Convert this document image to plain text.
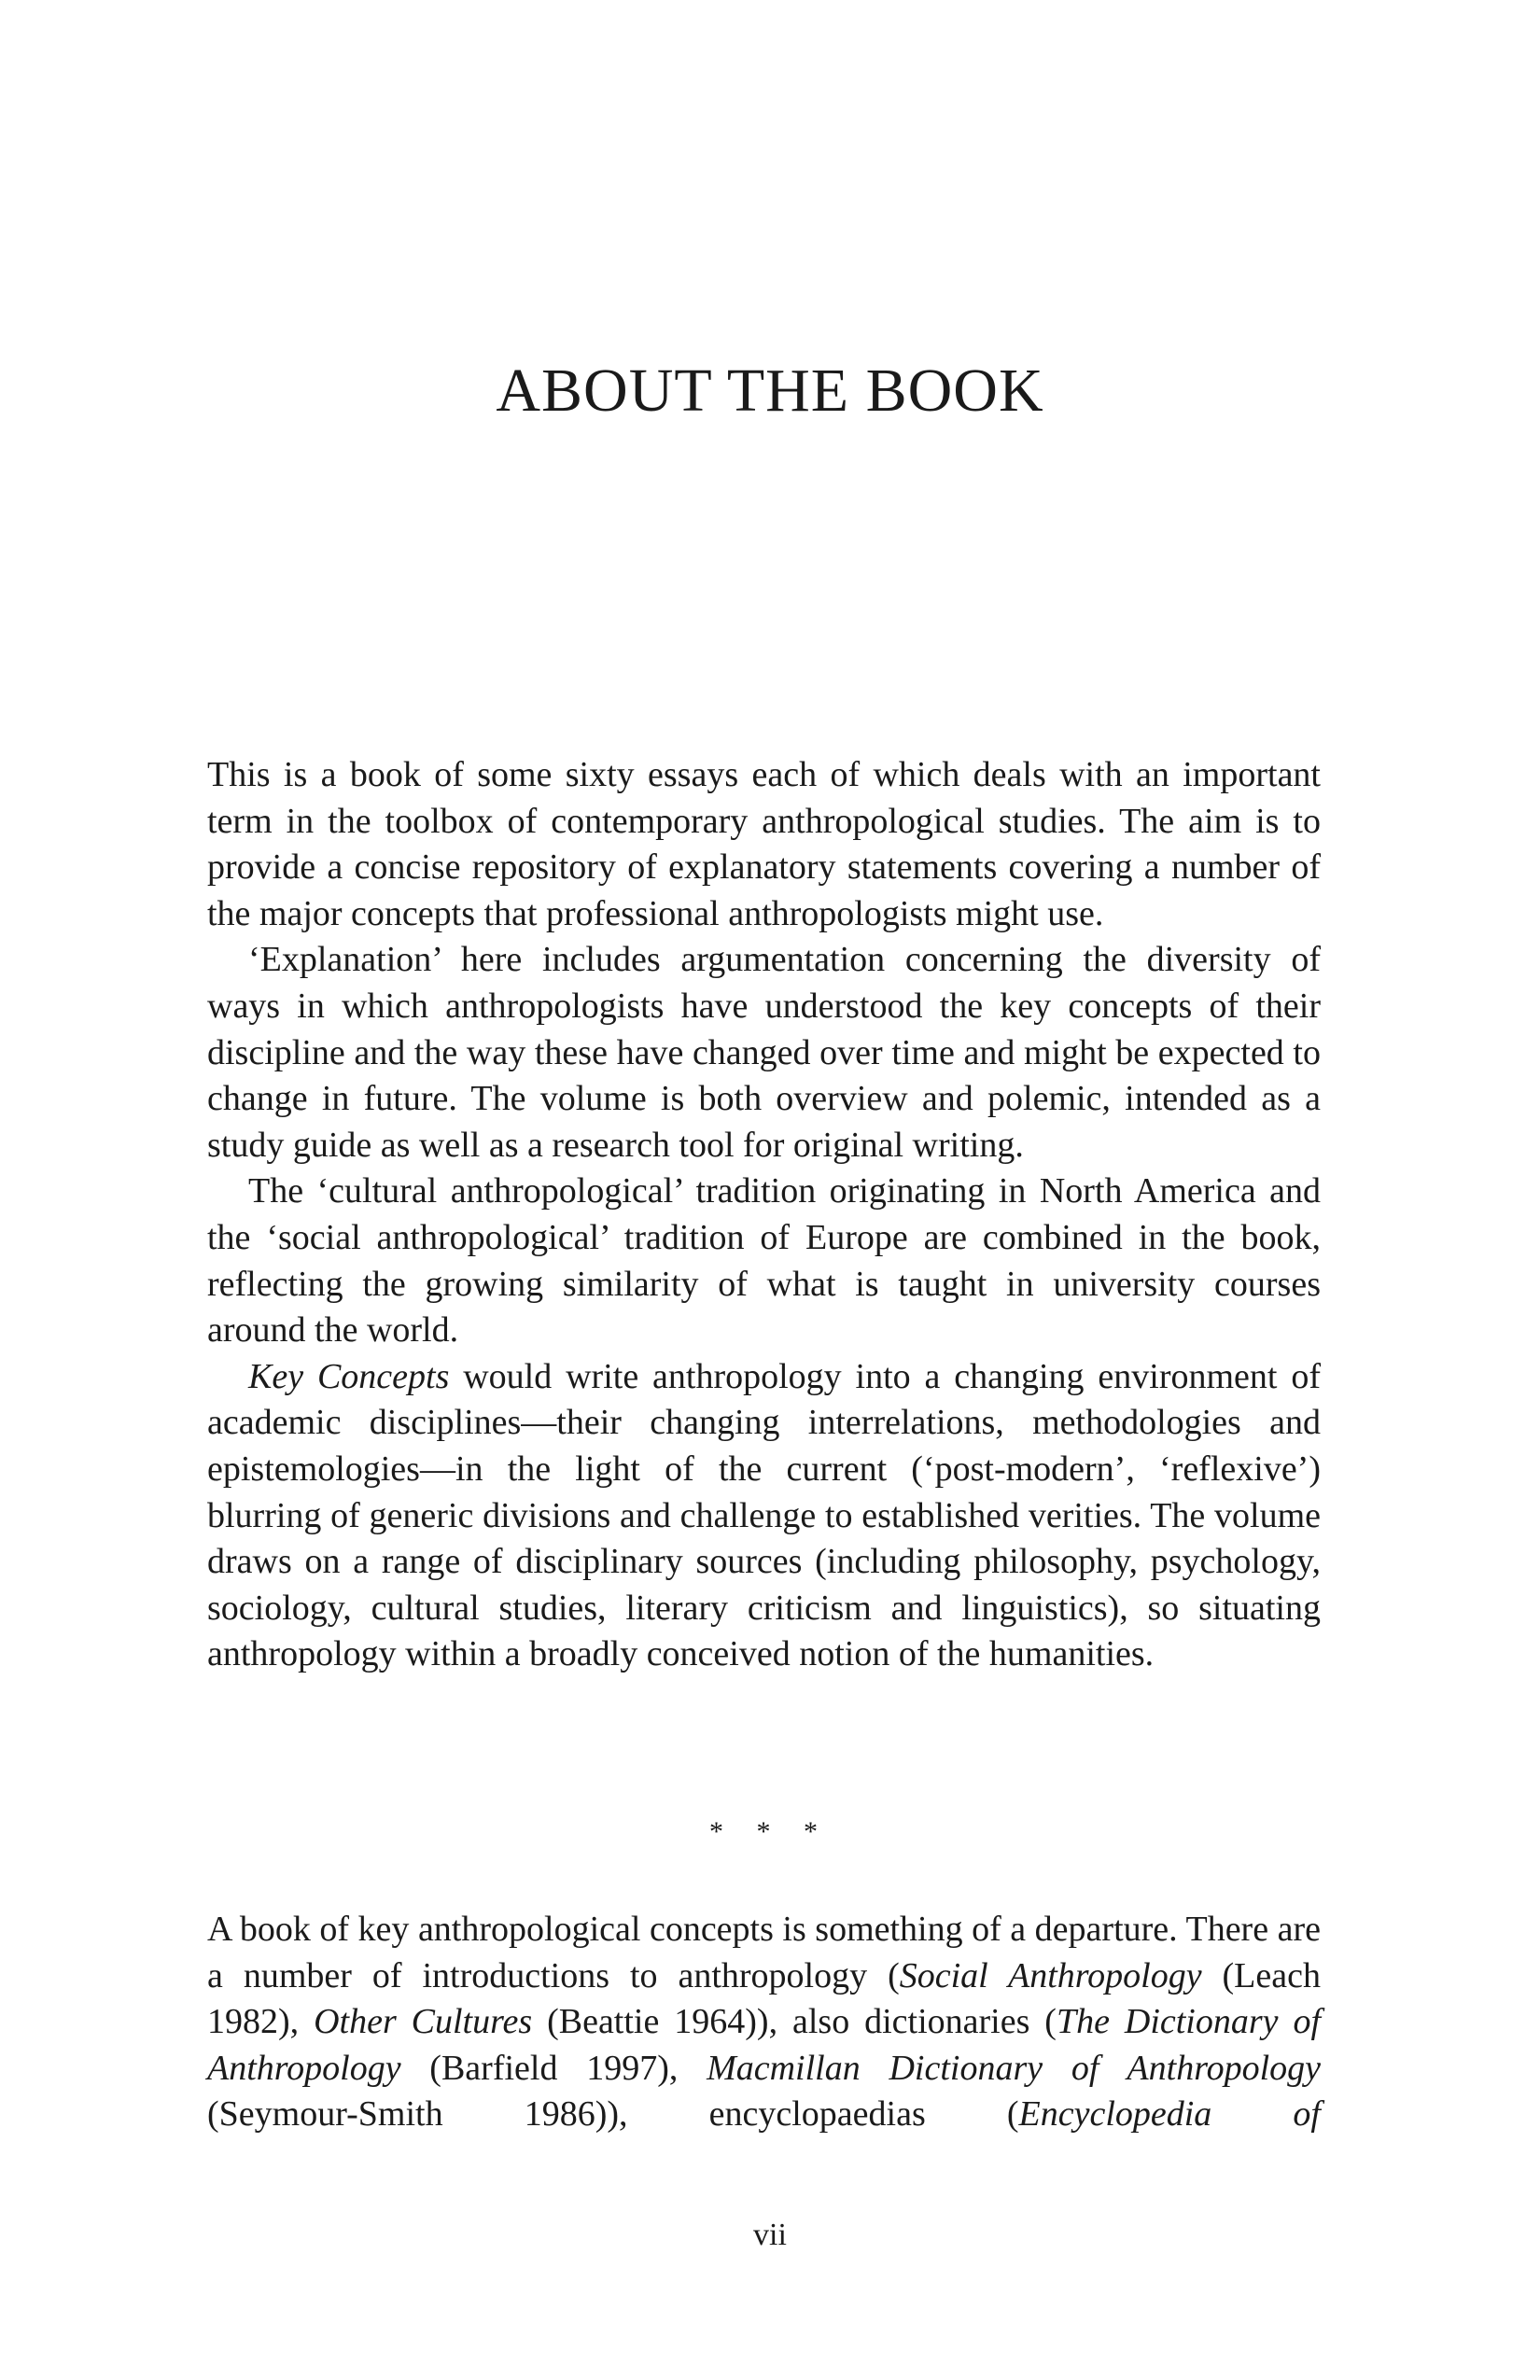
ABOUT THE BOOK

This is a book of some sixty essays each of which deals with an important term in the toolbox of contemporary anthropological studies. The aim is to provide a concise repository of explanatory statements covering a number of the major concepts that professional anthropologists might use.

‘Explanation’ here includes argumentation concerning the diversity of ways in which anthropologists have understood the key concepts of their discipline and the way these have changed over time and might be expected to change in future. The volume is both overview and polemic, intended as a study guide as well as a research tool for original writing.

The ‘cultural anthropological’ tradition originating in North America and the ‘social anthropological’ tradition of Europe are combined in the book, reflecting the growing similarity of what is taught in university courses around the world.

Key Concepts would write anthropology into a changing environment of academic disciplines—their changing interrelations, methodologies and epistemologies—in the light of the current (‘post-modern’, ‘reflexive’) blurring of generic divisions and challenge to established verities. The volume draws on a range of disciplinary sources (including philosophy, psychology, sociology, cultural studies, literary criticism and linguistics), so situating anthropology within a broadly conceived notion of the humanities.

* * *

A book of key anthropological concepts is something of a departure. There are a number of introductions to anthropology (Social Anthropology (Leach 1982), Other Cultures (Beattie 1964)), also dictionaries (The Dictionary of Anthropology (Barfield 1997), Macmillan Dictionary of Anthropology (Seymour-Smith 1986)), encyclopaedias (Encyclopedia of

vii
